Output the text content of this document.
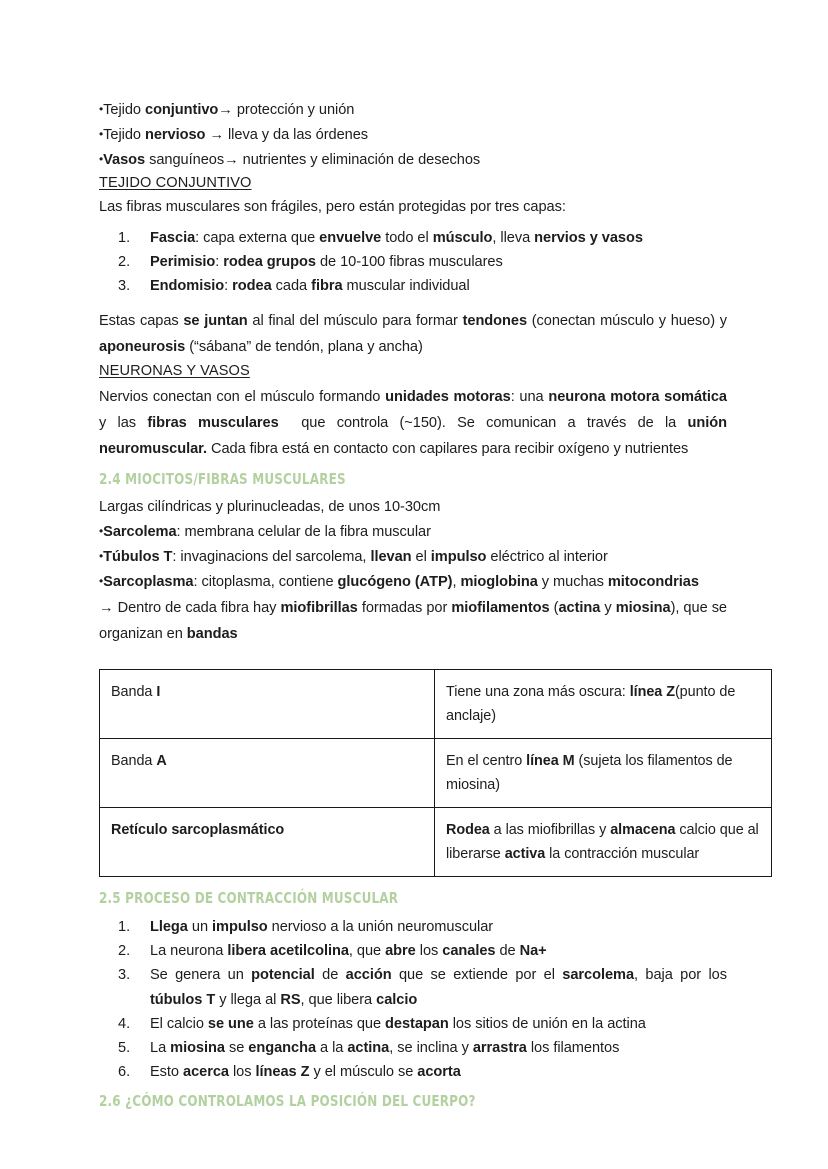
•Tejido conjuntivo→ protección y unión

•Tejido nervioso → lleva y da las órdenes

•Vasos sanguíneos→ nutrientes y eliminación de desechos

TEJIDO CONJUNTIVO

Las fibras musculares son frágiles, pero están protegidas por tres capas:

Fascia: capa externa que envuelve todo el músculo, lleva nervios y vasos
Perimisio: rodea grupos de 10-100 fibras musculares
Endomisio: rodea cada fibra muscular individual

Estas capas se juntan al final del músculo para formar tendones (conectan músculo y hueso) y aponeurosis (“sábana” de tendón, plana y ancha)

NEURONAS Y VASOS

Nervios conectan con el músculo formando unidades motoras: una neurona motora somática y las fibras musculares  que controla (~150). Se comunican a través de la unión neuromuscular. Cada fibra está en contacto con capilares para recibir oxígeno y nutrientes

2.4 MIOCITOS/FIBRAS MUSCULARES

Largas cilíndricas y plurinucleadas, de unos 10-30cm

•Sarcolema: membrana celular de la fibra muscular

•Túbulos T: invaginacions del sarcolema, llevan el impulso eléctrico al interior

•Sarcoplasma: citoplasma, contiene glucógeno (ATP), mioglobina y muchas mitocondrias

→ Dentro de cada fibra hay miofibrillas formadas por miofilamentos (actina y miosina), que se organizan en bandas

Banda I	Tiene una zona más oscura: línea Z(punto de anclaje)
Banda A	En el centro línea M (sujeta los filamentos de miosina)
Retículo sarcoplasmático	Rodea a las miofibrillas y almacena calcio que al liberarse activa la contracción muscular

2.5 PROCESO DE CONTRACCIÓN MUSCULAR

Llega un impulso nervioso a la unión neuromuscular
La neurona libera acetilcolina, que abre los canales de Na+
Se genera un potencial de acción que se extiende por el sarcolema, baja por los túbulos T y llega al RS, que libera calcio
El calcio se une a las proteínas que destapan los sitios de unión en la actina
La miosina se engancha a la actina, se inclina y arrastra los filamentos
Esto acerca los líneas Z y el músculo se acorta

2.6 ¿CÓMO CONTROLAMOS LA POSICIÓN DEL CUERPO?
